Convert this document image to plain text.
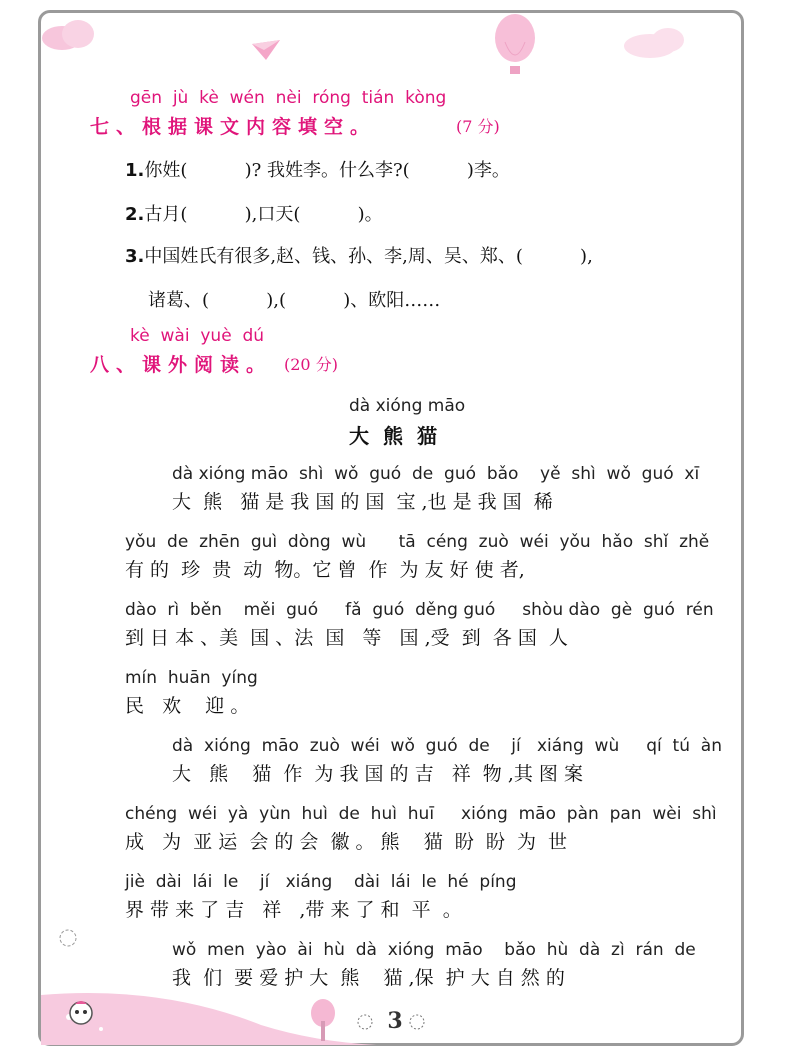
gēn  jù  kè  wén  nèi  róng  tián  kòng
七、根据课文内容填空。	(7 分)
1.你姓(          )? 我姓李。什么李?(          )李。
2.古月(          ),口天(          )。
3.中国姓氏有很多,赵、钱、孙、李,周、吴、郑、(          ),
诸葛、(          ),(          )、欧阳……
kè  wài  yuè  dú
八、课外阅读。 (20 分)
dà xióng māo
大熊猫
dà xióng māo  shì  wǒ  guó  de  guó  bǎo    yě  shì  wǒ  guó  xī
大  熊   猫 是 我 国 的 国  宝 ,也 是 我 国  稀
yǒu  de  zhēn  guì  dòng  wù      tā  céng  zuò  wéi  yǒu  hǎo  shǐ  zhě
有 的  珍  贵  动  物。它 曾  作  为 友 好 使 者,
dào  rì  běn    měi  guó     fǎ  guó  děng guó     shòu dào  gè  guó  rén
到 日 本 、美  国 、法  国   等   国 ,受  到  各 国  人
mín  huān  yíng
民   欢    迎 。
dà  xióng  māo  zuò  wéi  wǒ  guó  de    jí   xiáng  wù     qí  tú  àn
大   熊    猫  作  为 我 国 的 吉   祥  物 ,其 图 案
chéng  wéi  yà  yùn  huì  de  huì  huī     xióng  māo  pàn  pan  wèi  shì
成   为  亚 运  会 的 会  徽 。 熊    猫  盼  盼  为  世
jiè  dài  lái  le    jí   xiáng    dài  lái  le  hé  píng
界 带 来 了 吉   祥   ,带 来 了 和  平  。
wǒ  men  yào  ài  hù  dà  xióng  māo    bǎo  hù  dà  zì  rán  de
我  们  要 爱 护 大  熊    猫 ,保  护 大 自 然 的
3
